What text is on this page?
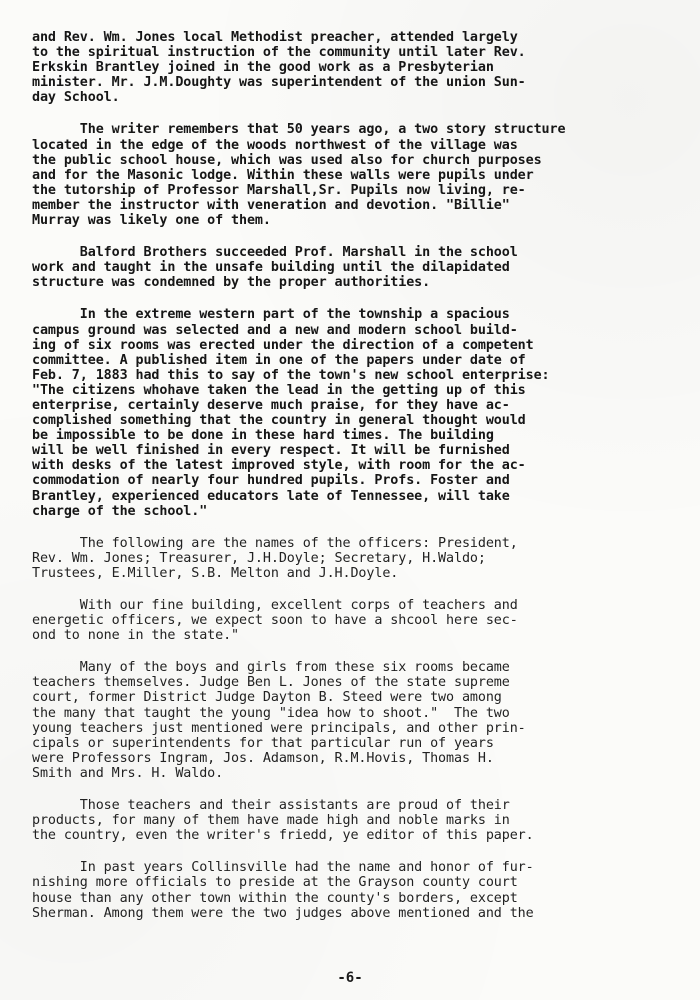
and Rev. Wm. Jones local Methodist preacher, attended largely
to the spiritual instruction of the community until later Rev.
Erkskin Brantley joined in the good work as a Presbyterian
minister. Mr. J.M.Doughty was superintendent of the union Sun-
day School.

The writer remembers that 50 years ago, a two story structure
located in the edge of the woods northwest of the village was
the public school house, which was used also for church purposes
and for the Masonic lodge. Within these walls were pupils under
the tutorship of Professor Marshall,Sr. Pupils now living, re-
member the instructor with veneration and devotion. "Billie"
Murray was likely one of them.

Balford Brothers succeeded Prof. Marshall in the school
work and taught in the unsafe building until the dilapidated
structure was condemned by the proper authorities.

In the extreme western part of the township a spacious
campus ground was selected and a new and modern school build-
ing of six rooms was erected under the direction of a competent
committee. A published item in one of the papers under date of
Feb. 7, 1883 had this to say of the town's new school enterprise:
"The citizens whohave taken the lead in the getting up of this
enterprise, certainly deserve much praise, for they have ac-
complished something that the country in general thought would
be impossible to be done in these hard times. The building
will be well finished in every respect. It will be furnished
with desks of the latest improved style, with room for the ac-
commodation of nearly four hundred pupils. Profs. Foster and
Brantley, experienced educators late of Tennessee, will take
charge of the school."

The following are the names of the officers: President,
Rev. Wm. Jones; Treasurer, J.H.Doyle; Secretary, H.Waldo;
Trustees, E.Miller, S.B. Melton and J.H.Doyle.

With our fine building, excellent corps of teachers and
energetic officers, we expect soon to have a shcool here sec-
ond to none in the state."

Many of the boys and girls from these six rooms became
teachers themselves. Judge Ben L. Jones of the state supreme
court, former District Judge Dayton B. Steed were two among
the many that taught the young "idea how to shoot."  The two
young teachers just mentioned were principals, and other prin-
cipals or superintendents for that particular run of years
were Professors Ingram, Jos. Adamson, R.M.Hovis, Thomas H.
Smith and Mrs. H. Waldo.

Those teachers and their assistants are proud of their
products, for many of them have made high and noble marks in
the country, even the writer's friedd, ye editor of this paper.

In past years Collinsville had the name and honor of fur-
nishing more officials to preside at the Grayson county court
house than any other town within the county's borders, except
Sherman. Among them were the two judges above mentioned and the

-6-
